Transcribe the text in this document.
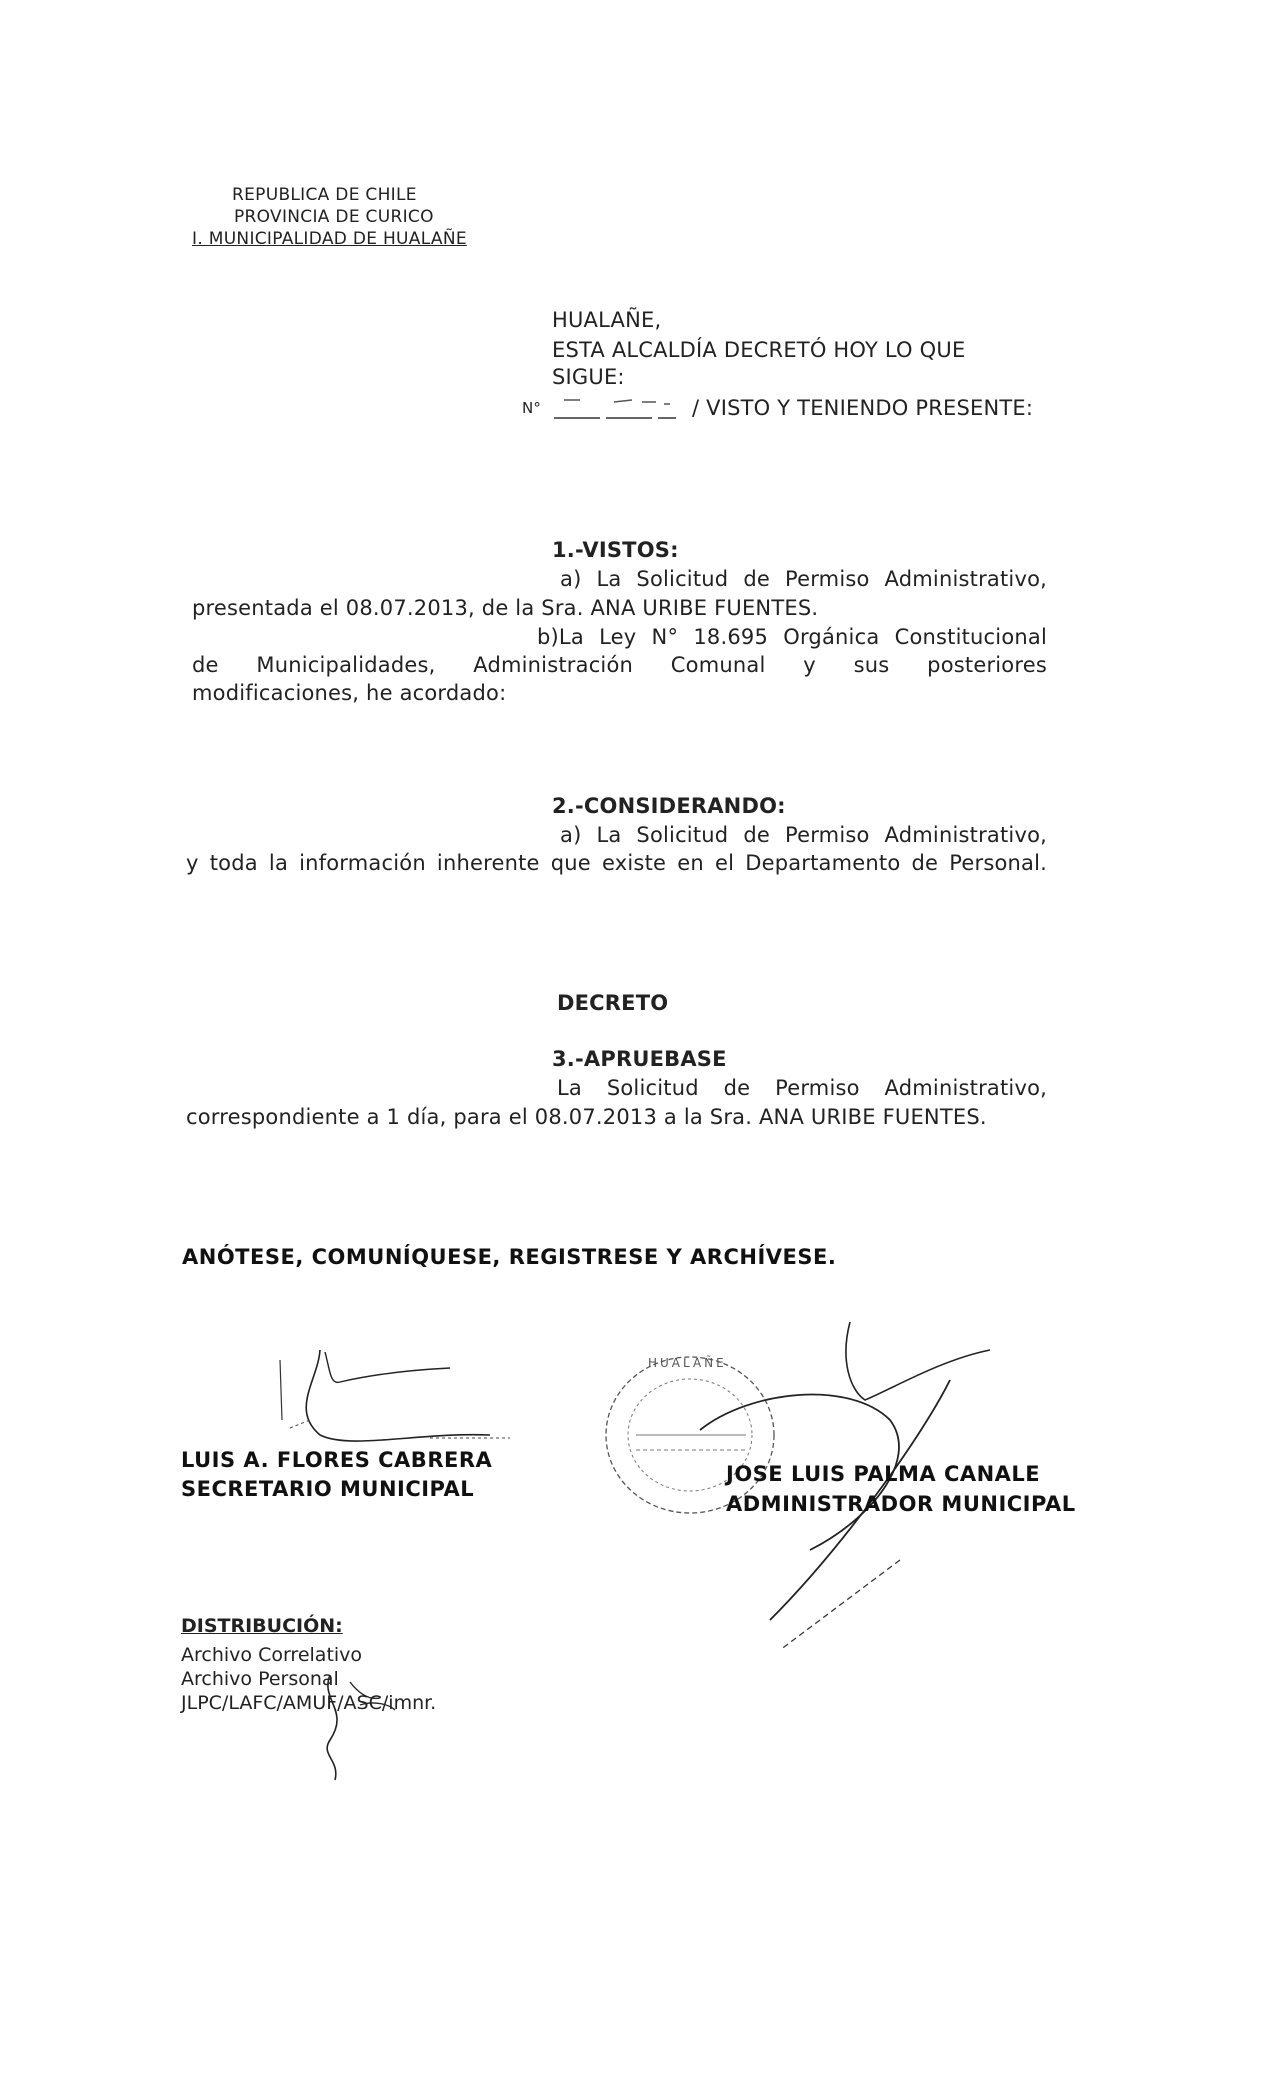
REPUBLICA DE CHILE
PROVINCIA DE CURICO
I. MUNICIPALIDAD DE HUALAÑE
HUALAÑE,
ESTA ALCALDÍA DECRETÓ HOY LO QUE
SIGUE:
N°	/ VISTO Y TENIENDO PRESENTE:
1.-VISTOS:
a) La Solicitud de Permiso Administrativo,
presentada el 08.07.2013, de la Sra. ANA URIBE FUENTES.
b)La Ley N° 18.695 Orgánica Constitucional
de Municipalidades, Administración Comunal y sus posteriores
modificaciones, he acordado:
2.-CONSIDERANDO:
a) La Solicitud de Permiso Administrativo,
y toda la información inherente que existe en el Departamento de Personal.
DECRETO
3.-APRUEBASE
La Solicitud de Permiso Administrativo,
correspondiente a 1 día, para el 08.07.2013 a la Sra. ANA URIBE FUENTES.
ANÓTESE, COMUNÍQUESE, REGISTRESE Y ARCHÍVESE.
LUIS A. FLORES CABRERA
SECRETARIO MUNICIPAL
HUALAÑE
JOSE LUIS PALMA CANALE
ADMINISTRADOR MUNICIPAL
DISTRIBUCIÓN:
Archivo Correlativo
Archivo Personal
JLPC/LAFC/AMUF/ASC/imnr.
